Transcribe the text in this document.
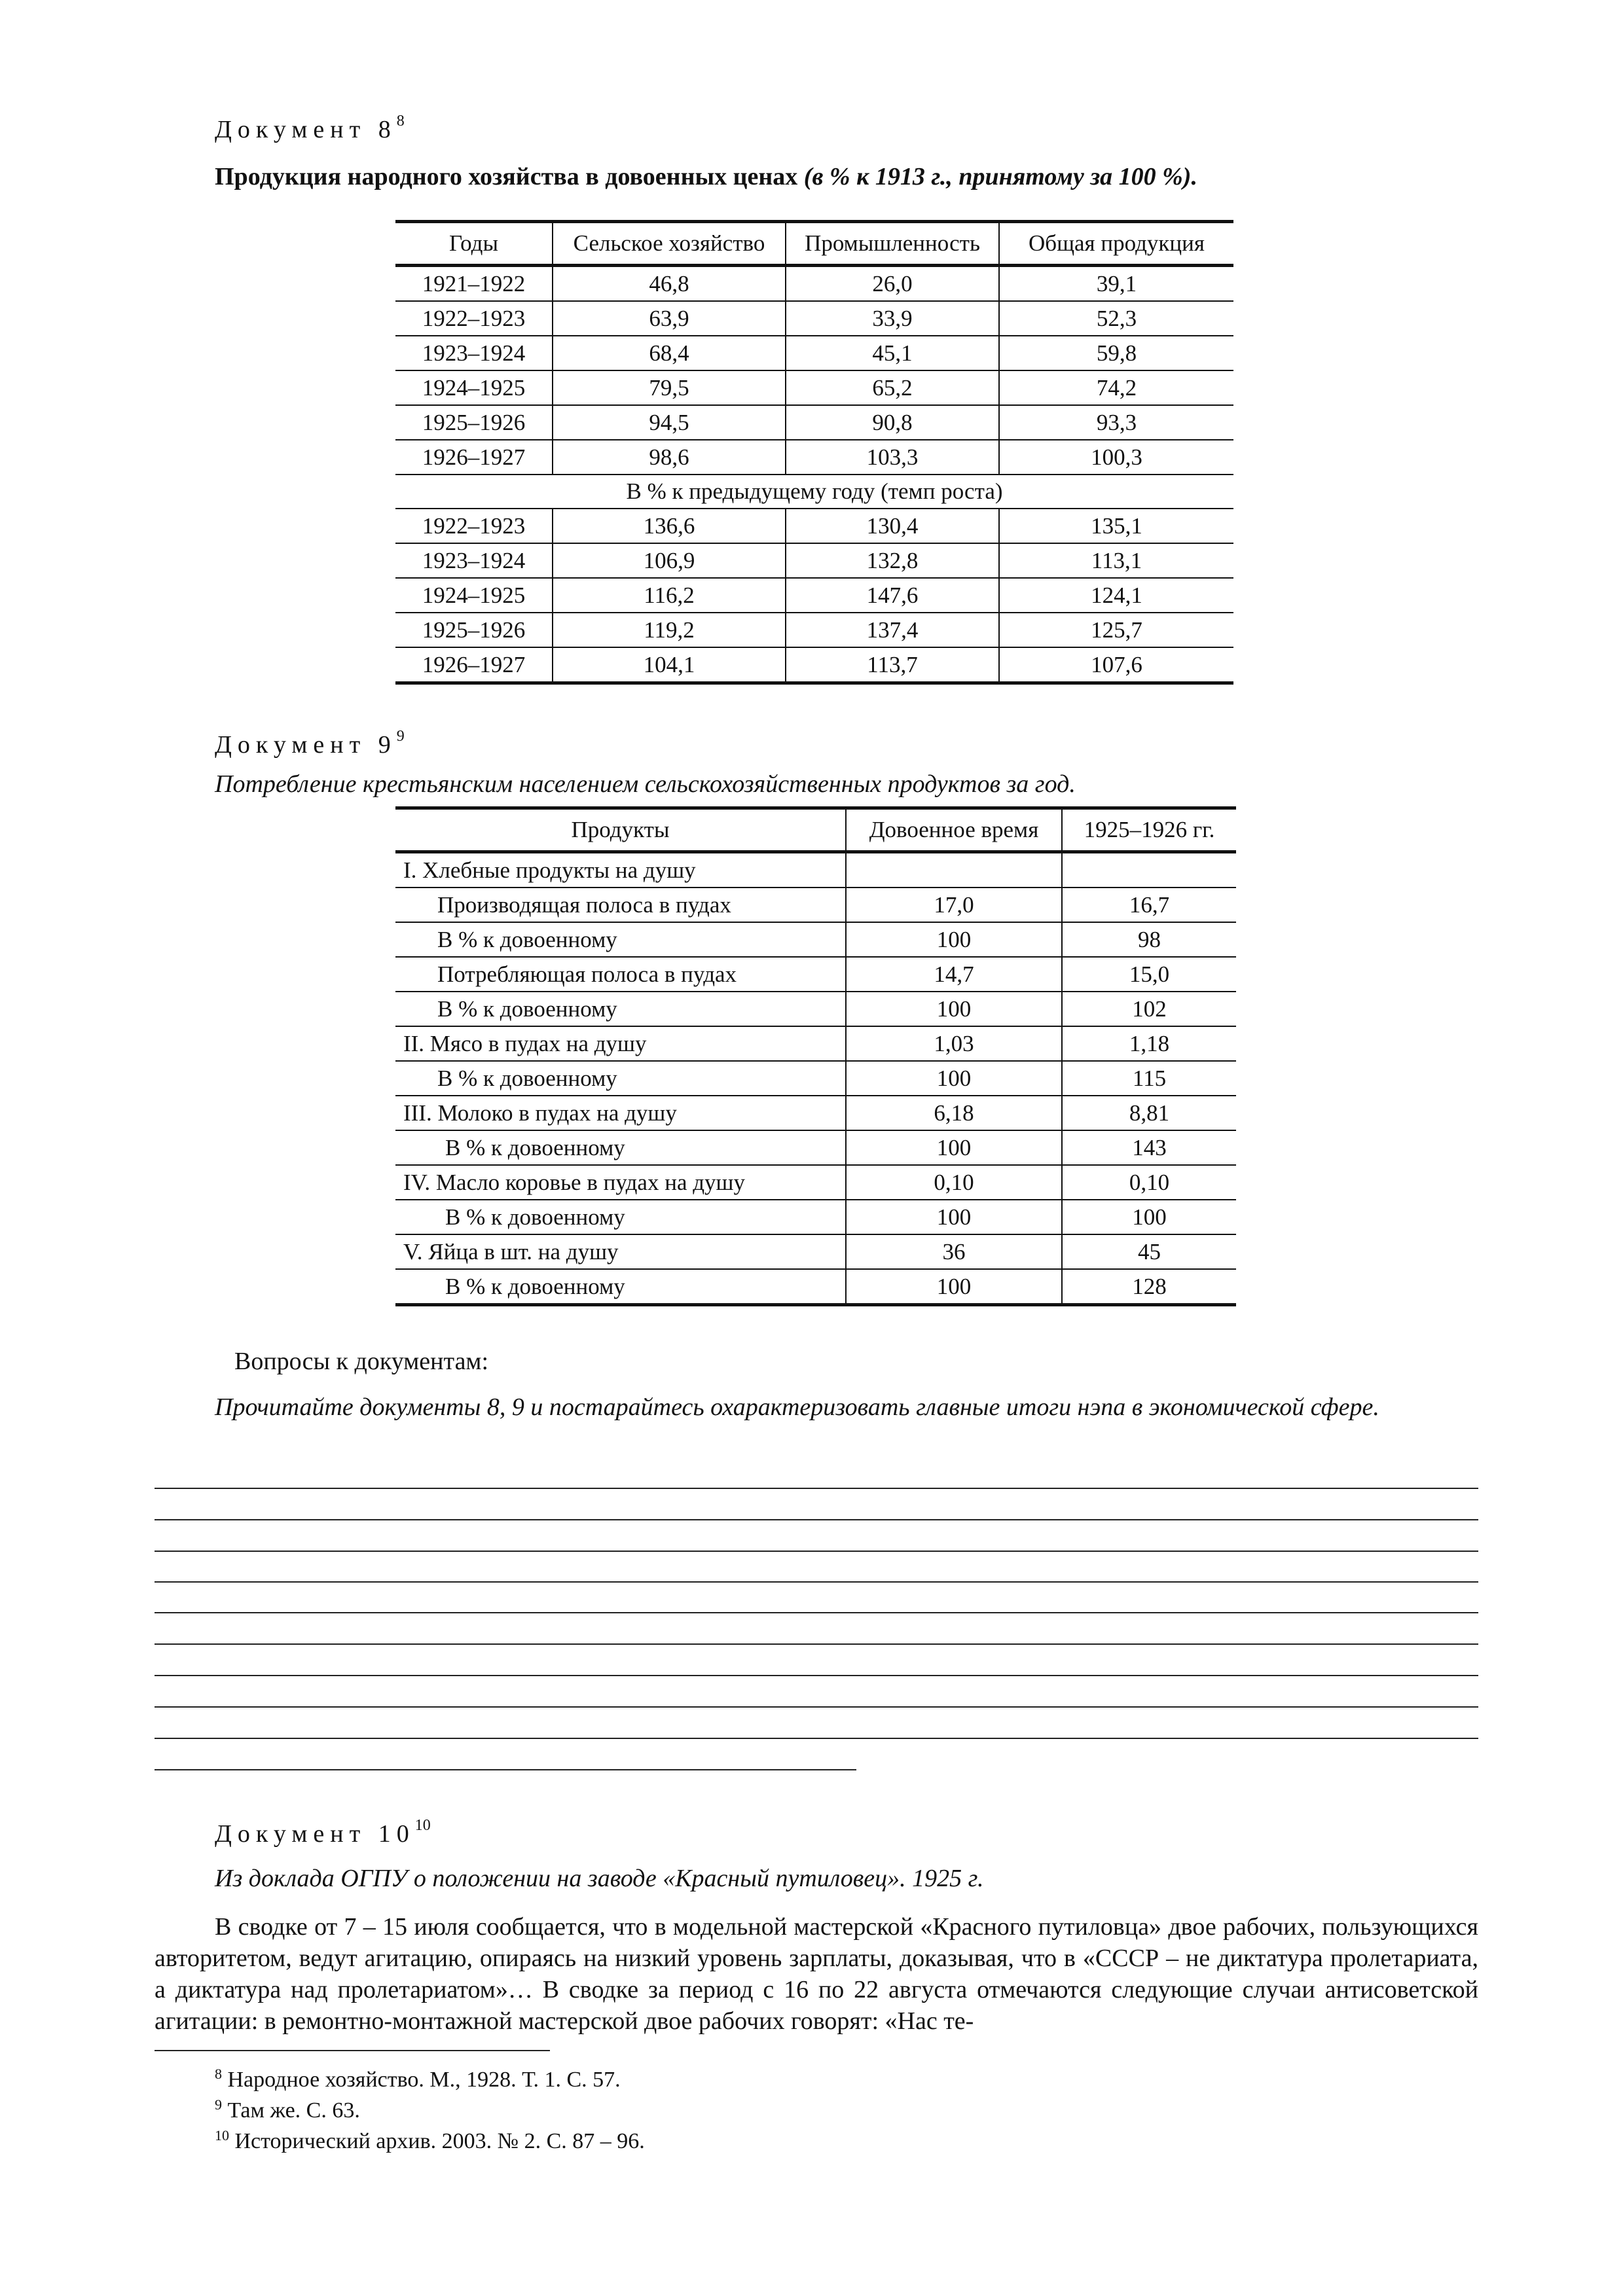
Документ $8^8$
Продукция народного хозяйства в довоенных ценах (в % к 1913 г., принятому за 100 %).
Годы	Сельское хозяйство	Промышленность	Общая продукция
1921–1922	46,8	26,0	39,1
1922–1923	63,9	33,9	52,3
1923–1924	68,4	45,1	59,8
1924–1925	79,5	65,2	74,2
1925–1926	94,5	90,8	93,3
1926–1927	98,6	103,3	100,3
В % к предыдущему году (темп роста)			
1922–1923	136,6	130,4	135,1
1923–1924	106,9	132,8	113,1
1924–1925	116,2	147,6	124,1
1925–1926	119,2	137,4	125,7
1926–1927	104,1	113,7	107,6
Документ $9^9$
Потребление крестьянским населением сельскохозяйственных продуктов за год.
Продукты	Довоенное время	1925–1926 гг.
I. Хлебные продукты на душу		
Производящая полоса в пудах	17,0	16,7
В % к довоенному	100	98
Потребляющая полоса в пудах	14,7	15,0
В % к довоенному	100	102
II. Мясо в пудах на душу	1,03	1,18
В % к довоенному	100	115
III. Молоко в пудах на душу	6,18	8,81
В % к довоенному	100	143
IV. Масло коровье в пудах на душу	0,10	0,10
В % к довоенному	100	100
V. Яйца в шт. на душу	36	45
В % к довоенному	100	128
Вопросы к документам:
Прочитайте документы 8, 9 и постарайтесь охарактеризовать главные итоги нэпа в экономической сфере.
Документ $10^{10}$
Из доклада ОГПУ о положении на заводе «Красный путиловец». 1925 г.
В сводке от 7 – 15 июля сообщается, что в модельной мастерской «Красного путиловца» двое рабочих, пользующихся авторитетом, ведут агитацию, опираясь на низкий уровень зарплаты, доказывая, что в «СССР – не диктатура пролетариата, а диктатура над пролетариатом»… В сводке за период с 16 по 22 августа отмечаются следующие случаи антисоветской агитации: в ремонтно-монтажной мастерской двое рабочих говорят: «Нас те-
$^8$ Народное хозяйство. М., 1928. Т. 1. С. 57.
$^9$ Там же. С. 63.
$^{10}$ Исторический архив. 2003. № 2. С. 87 – 96.
